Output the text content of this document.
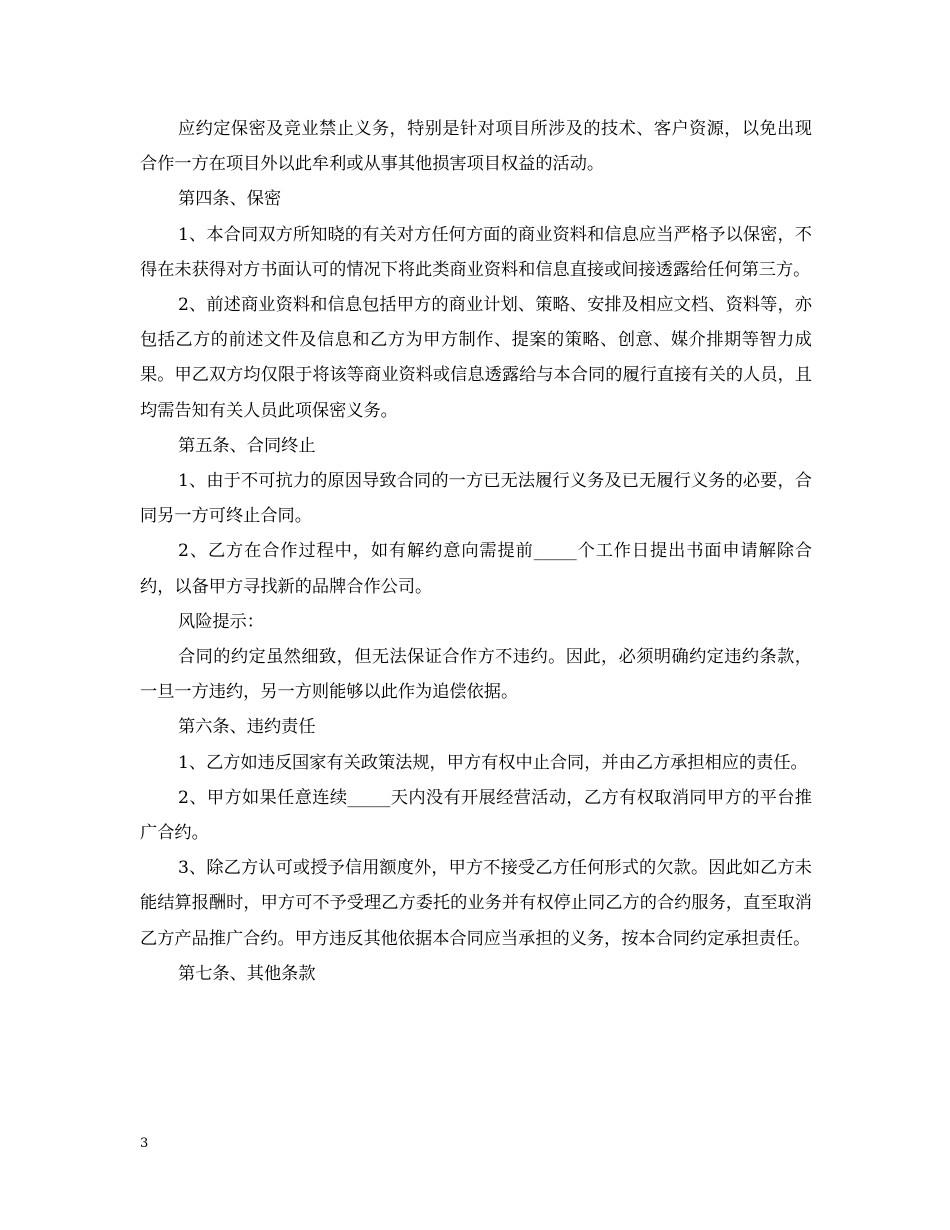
应约定保密及竞业禁止义务，特别是针对项目所涉及的技术、客户资源，以免出现合作一方在项目外以此牟利或从事其他损害项目权益的活动。

第四条、保密

1、本合同双方所知晓的有关对方任何方面的商业资料和信息应当严格予以保密，不得在未获得对方书面认可的情况下将此类商业资料和信息直接或间接透露给任何第三方。

2、前述商业资料和信息包括甲方的商业计划、策略、安排及相应文档、资料等，亦包括乙方的前述文件及信息和乙方为甲方制作、提案的策略、创意、媒介排期等智力成果。甲乙双方均仅限于将该等商业资料或信息透露给与本合同的履行直接有关的人员，且均需告知有关人员此项保密义务。

第五条、合同终止

1、由于不可抗力的原因导致合同的一方已无法履行义务及已无履行义务的必要，合同另一方可终止合同。

2、乙方在合作过程中，如有解约意向需提前_____个工作日提出书面申请解除合约，以备甲方寻找新的品牌合作公司。

风险提示：

合同的约定虽然细致，但无法保证合作方不违约。因此，必须明确约定违约条款，一旦一方违约，另一方则能够以此作为追偿依据。

第六条、违约责任

1、乙方如违反国家有关政策法规，甲方有权中止合同，并由乙方承担相应的责任。

2、甲方如果任意连续_____天内没有开展经营活动，乙方有权取消同甲方的平台推广合约。

3、除乙方认可或授予信用额度外，甲方不接受乙方任何形式的欠款。因此如乙方未能结算报酬时，甲方可不予受理乙方委托的业务并有权停止同乙方的合约服务，直至取消乙方产品推广合约。甲方违反其他依据本合同应当承担的义务，按本合同约定承担责任。

第七条、其他条款

3
